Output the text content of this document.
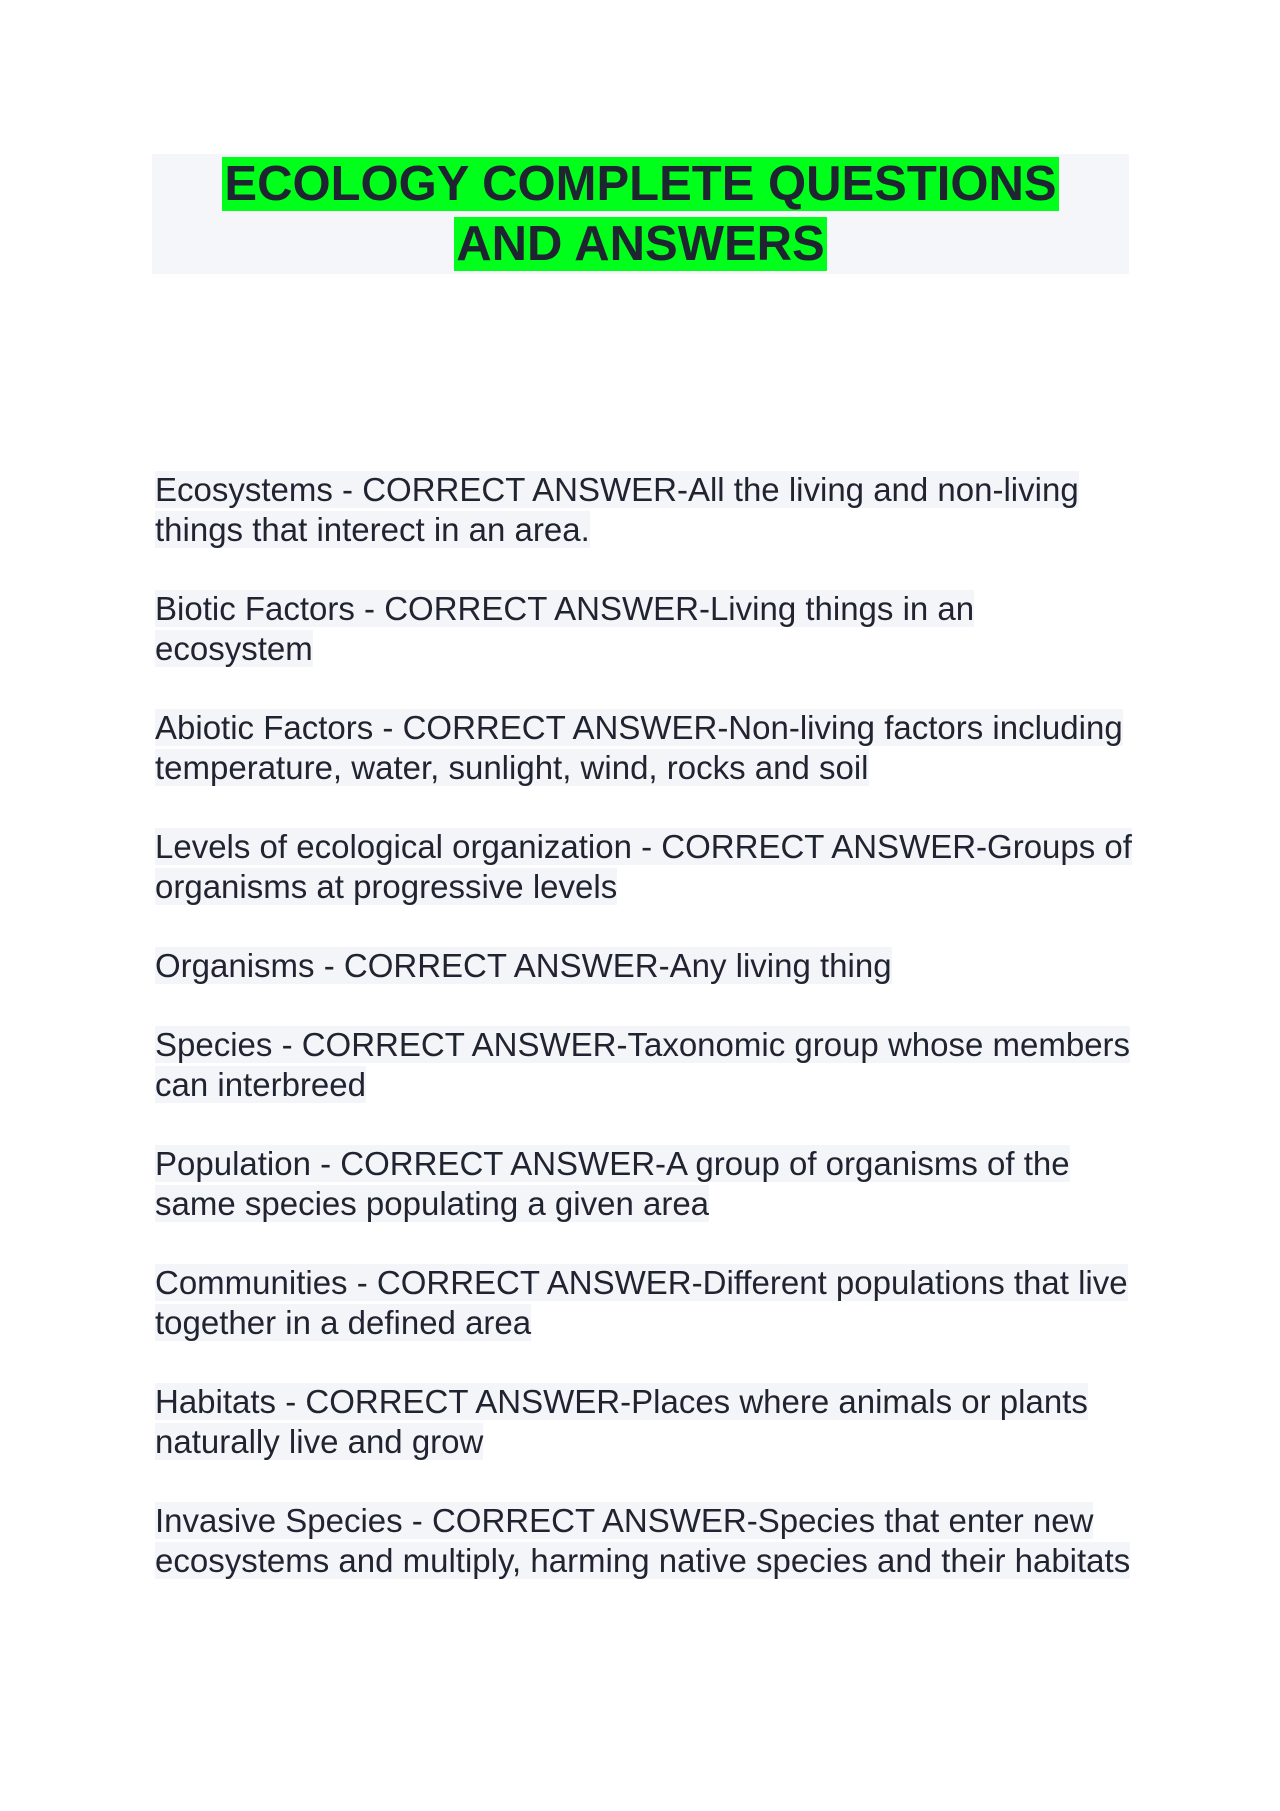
ECOLOGY COMPLETE QUESTIONS AND ANSWERS
Ecosystems - CORRECT ANSWER-All the living and non-living things that interect in an area.
Biotic Factors - CORRECT ANSWER-Living things in an ecosystem
Abiotic Factors - CORRECT ANSWER-Non-living factors including temperature, water, sunlight, wind, rocks and soil
Levels of ecological organization - CORRECT ANSWER-Groups of organisms at progressive levels
Organisms - CORRECT ANSWER-Any living thing
Species - CORRECT ANSWER-Taxonomic group whose members can interbreed
Population - CORRECT ANSWER-A group of organisms of the same species populating a given area
Communities - CORRECT ANSWER-Different populations that live together in a defined area
Habitats - CORRECT ANSWER-Places where animals or plants naturally live and grow
Invasive Species - CORRECT ANSWER-Species that enter new ecosystems and multiply, harming native species and their habitats
